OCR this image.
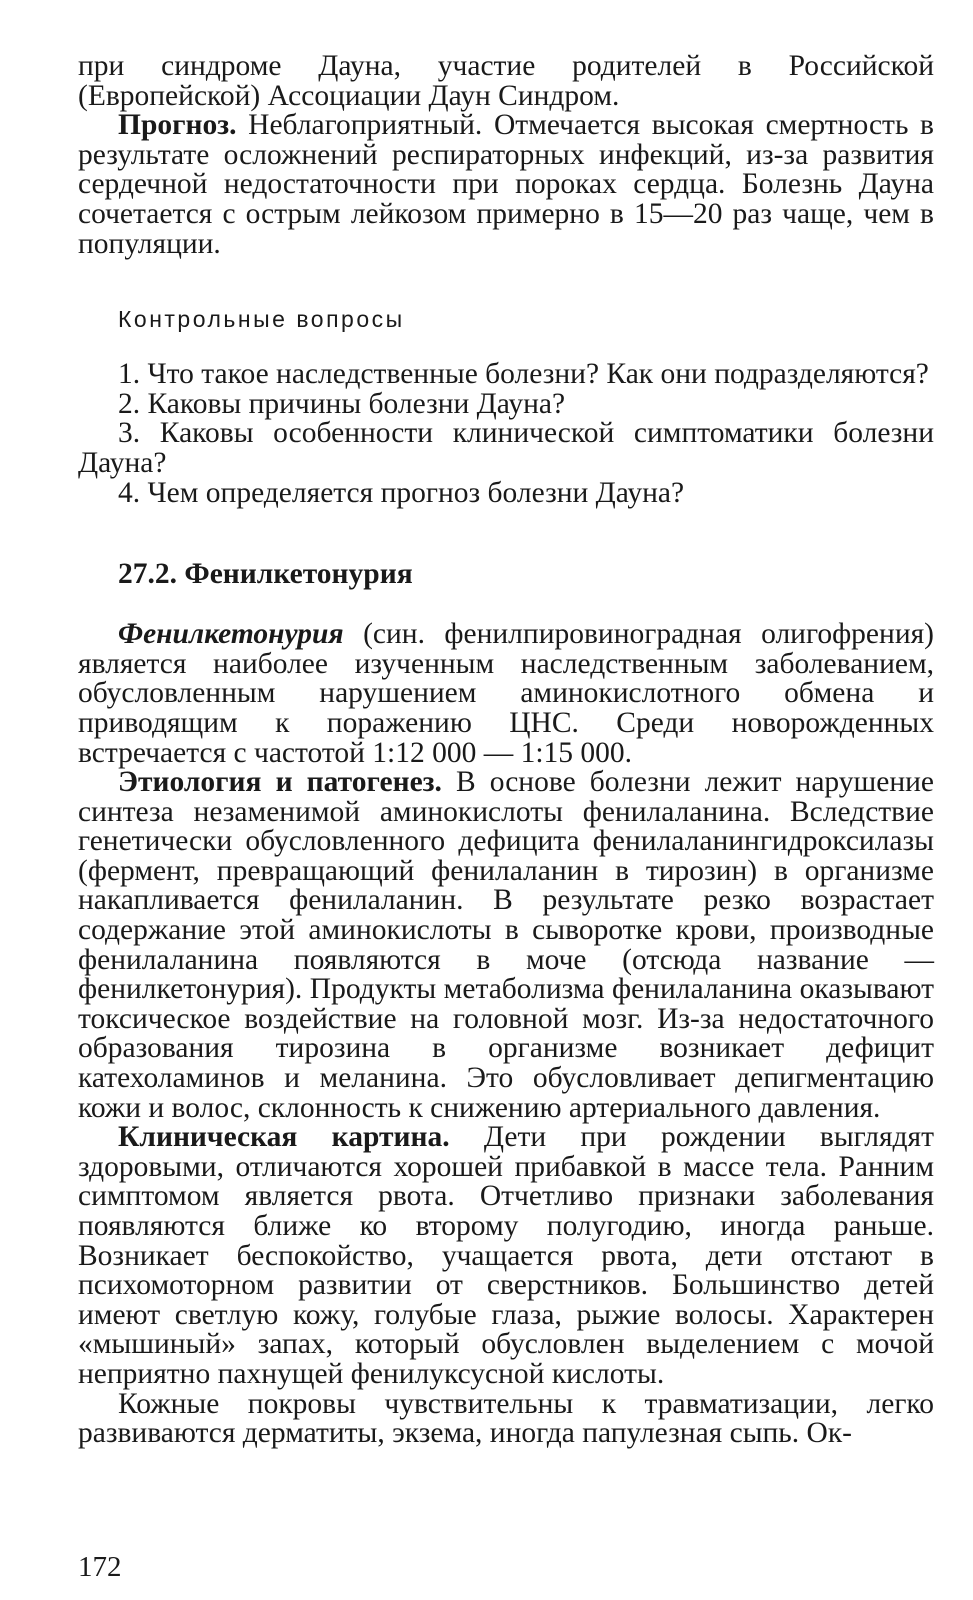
при синдроме Дауна, участие родителей в Российской (Европейской) Ассоциации Даун Синдром.

Прогноз. Неблагоприятный. Отмечается высокая смертность в результате осложнений респираторных инфекций, из-за развития сердечной недостаточности при пороках сердца. Болезнь Дауна сочетается с острым лейкозом примерно в 15—20 раз чаще, чем в популяции.

Контрольные вопросы
1. Что такое наследственные болезни? Как они подразделяются?
2. Каковы причины болезни Дауна?
3. Каковы особенности клинической симптоматики болезни Дауна?
4. Чем определяется прогноз болезни Дауна?
27.2. Фенилкетонурия

Фенилкетонурия (син. фенилпировиноградная олигофрения) является наиболее изученным наследственным заболеванием, обусловленным нарушением аминокислотного обмена и приводящим к поражению ЦНС. Среди новорожденных встречается с частотой 1:12 000 — 1:15 000.

Этиология и патогенез. В основе болезни лежит нарушение синтеза незаменимой аминокислоты фенилаланина. Вследствие генетически обусловленного дефицита фенилаланингидроксилазы (фермент, превращающий фенилаланин в тирозин) в организме накапливается фенилаланин. В результате резко возрастает содержание этой аминокислоты в сыворотке крови, производные фенилаланина появляются в моче (отсюда название — фенилкетонурия). Продукты метаболизма фенилаланина оказывают токсическое воздействие на головной мозг. Из-за недостаточного образования тирозина в организме возникает дефицит катехоламинов и меланина. Это обусловливает депигментацию кожи и волос, склонность к снижению артериального давления.

Клиническая картина. Дети при рождении выглядят здоровыми, отличаются хорошей прибавкой в массе тела. Ранним симптомом является рвота. Отчетливо признаки заболевания появляются ближе ко второму полугодию, иногда раньше. Возникает беспокойство, учащается рвота, дети отстают в психомоторном развитии от сверстников. Большинство детей имеют светлую кожу, голубые глаза, рыжие волосы. Характерен «мышиный» запах, который обусловлен выделением с мочой неприятно пахнущей фенилуксусной кислоты.

Кожные покровы чувствительны к травматизации, легко развиваются дерматиты, экзема, иногда папулезная сыпь. Ок-

172
